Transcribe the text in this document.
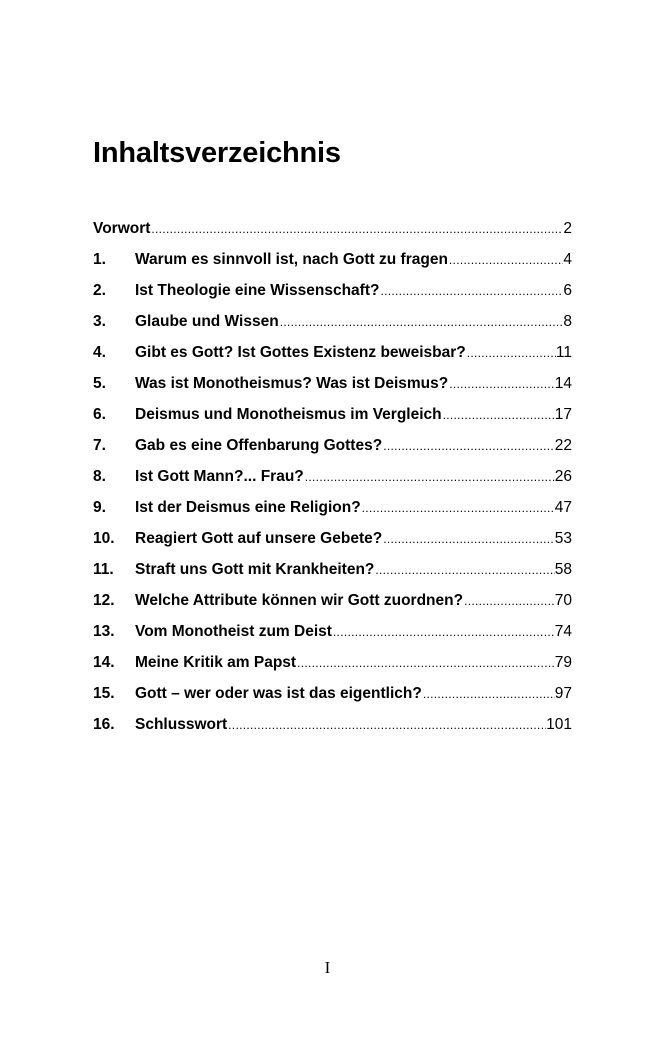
Inhaltsverzeichnis
Vorwort .....	2
1.	Warum es sinnvoll ist, nach Gott zu fragen .....	4
2.	Ist Theologie eine Wissenschaft? .....	6
3.	Glaube und Wissen .....	8
4.	Gibt es Gott? Ist Gottes Existenz beweisbar? .....	11
5.	Was ist Monotheismus? Was ist Deismus? .....	14
6.	Deismus und Monotheismus im Vergleich .....	17
7.	Gab es eine Offenbarung Gottes? .....	22
8.	Ist Gott Mann?... Frau? .....	26
9.	Ist der Deismus eine Religion? .....	47
10.	Reagiert Gott auf unsere Gebete? .....	53
11.	Straft uns Gott mit Krankheiten? .....	58
12.	Welche Attribute können wir Gott zuordnen? .....	70
13.	Vom Monotheist zum Deist .....	74
14.	Meine Kritik am Papst .....	79
15.	Gott – wer oder was ist das eigentlich? .....	97
16.	Schlusswort .....	101
I
